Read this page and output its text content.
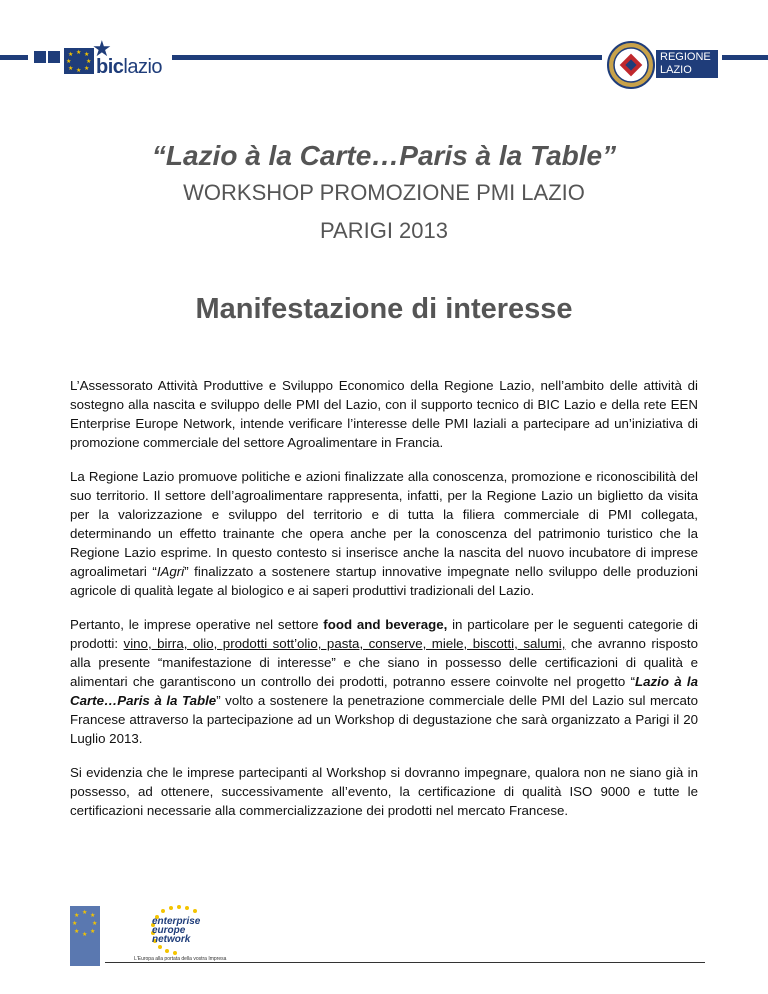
★ ★ ★
★ ★
★ ★ ★
★
biclazio	REGIONE
LAZIO
“Lazio à la Carte…Paris à la Table”
WORKSHOP PROMOZIONE PMI LAZIO
PARIGI 2013
Manifestazione di interesse

L’Assessorato Attività Produttive e Sviluppo Economico della Regione Lazio, nell’ambito delle attività di sostegno alla nascita e sviluppo delle PMI del Lazio, con il supporto tecnico di BIC Lazio e della rete EEN Enterprise Europe Network, intende verificare l’interesse delle PMI laziali a partecipare ad un’iniziativa di promozione commerciale del settore Agroalimentare in Francia.

La Regione Lazio promuove politiche e azioni finalizzate alla conoscenza, promozione e riconoscibilità del suo territorio. Il settore dell’agroalimentare rappresenta, infatti, per la Regione Lazio un biglietto da visita per la valorizzazione e sviluppo del territorio e di tutta la filiera commerciale di PMI collegata, determinando un effetto trainante che opera anche per la conoscenza del patrimonio turistico che la Regione Lazio esprime. In questo contesto si inserisce anche la nascita del nuovo incubatore di imprese agroalimetari “IAgri” finalizzato a sostenere startup innovative impegnate nello sviluppo delle produzioni agricole di qualità legate al biologico e ai saperi produttivi tradizionali del Lazio.

Pertanto, le imprese operative nel settore food and beverage, in particolare per le seguenti categorie di prodotti: vino, birra, olio, prodotti sott’olio, pasta, conserve, miele, biscotti, salumi, che avranno risposto alla presente “manifestazione di interesse” e che siano in possesso delle certificazioni di qualità e alimentari che garantiscono un controllo dei prodotti, potranno essere coinvolte nel progetto “Lazio à la Carte…Paris à la Table” volto a sostenere la penetrazione commerciale delle PMI del Lazio sul mercato Francese attraverso la partecipazione ad un Workshop di degustazione che sarà organizzato a Parigi il 20 Luglio 2013.

Si evidenzia che le imprese partecipanti al Workshop si dovranno impegnare, qualora non ne siano già in possesso, ad ottenere, successivamente all’evento, la certificazione di qualità ISO 9000 e tutte le certificazioni necessarie alla commercializzazione dei prodotti nel mercato Francese.

★ ★ ★
★ ★
★ ★ ★
enterprise
europe
network
L'Europa alla portata della vostra Impresa
